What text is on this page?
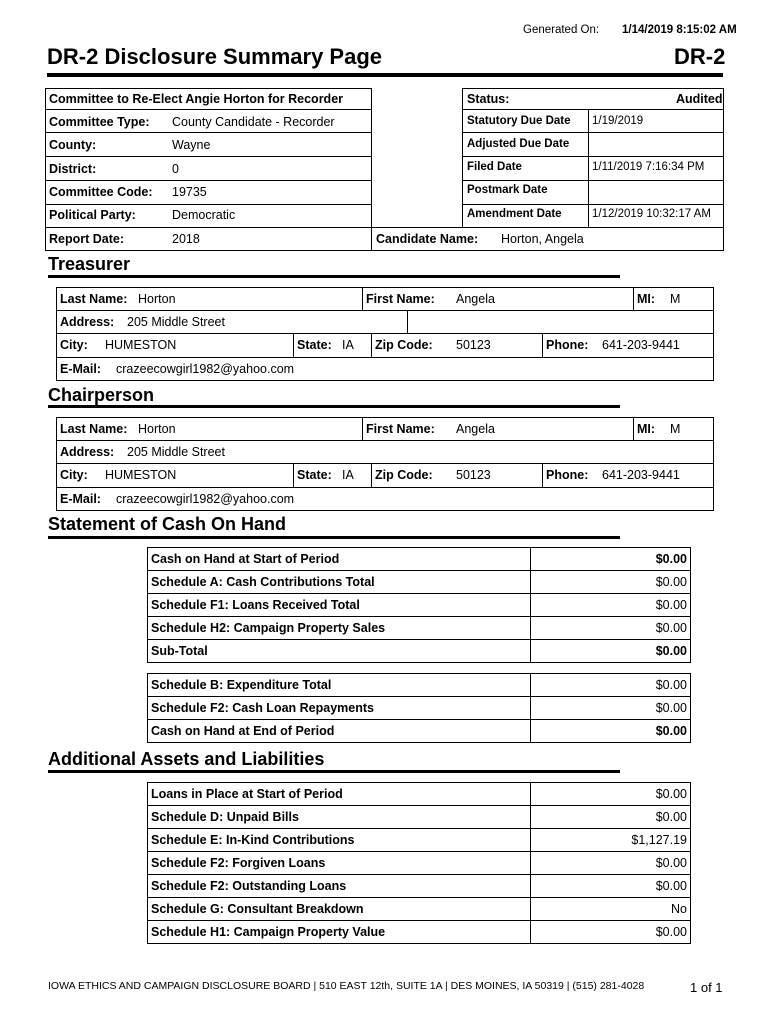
Generated On: 1/14/2019 8:15:02 AM
DR-2 Disclosure Summary Page	DR-2
Committee to Re-Elect Angie Horton for Recorder
Committee Type: County Candidate - Recorder
County:	Wayne
District:	0
Committee Code: 19735
Political Party:	Democratic
Report Date:	2018	Candidate Name: Horton, Angela
Status:	Audited
Statutory Due Date 1/19/2019
Adjusted Due Date
Filed Date	1/11/2019 7:16:34 PM
Postmark Date
Amendment Date	1/12/2019 10:32:17 AM
Treasurer
Last Name: Horton	First Name: Angela	MI: M
Address: 205 Middle Street
City: HUMESTON	State: IA Zip Code: 50123	Phone: 641-203-9441
E-Mail: crazeecowgirl1982@yahoo.com
Chairperson
Last Name: Horton	First Name: Angela	MI: M
Address: 205 Middle Street
City: HUMESTON	State: IA Zip Code: 50123	Phone: 641-203-9441
E-Mail: crazeecowgirl1982@yahoo.com
Statement of Cash On Hand
Cash on Hand at Start of Period	$0.00
Schedule A: Cash Contributions Total	$0.00
Schedule F1: Loans Received Total	$0.00
Schedule H2: Campaign Property Sales	$0.00
Sub-Total	$0.00

Schedule B: Expenditure Total	$0.00
Schedule F2: Cash Loan Repayments	$0.00
Cash on Hand at End of Period	$0.00
Additional Assets and Liabilities
Loans in Place at Start of Period	$0.00
Schedule D: Unpaid Bills	$0.00
Schedule E: In-Kind Contributions	$1,127.19
Schedule F2: Forgiven Loans	$0.00
Schedule F2: Outstanding Loans	$0.00
Schedule G: Consultant Breakdown	No
Schedule H1: Campaign Property Value	$0.00
IOWA ETHICS AND CAMPAIGN DISCLOSURE BOARD | 510 EAST 12th, SUITE 1A | DES MOINES, IA 50319 | (515) 281-4028	1 of 1
